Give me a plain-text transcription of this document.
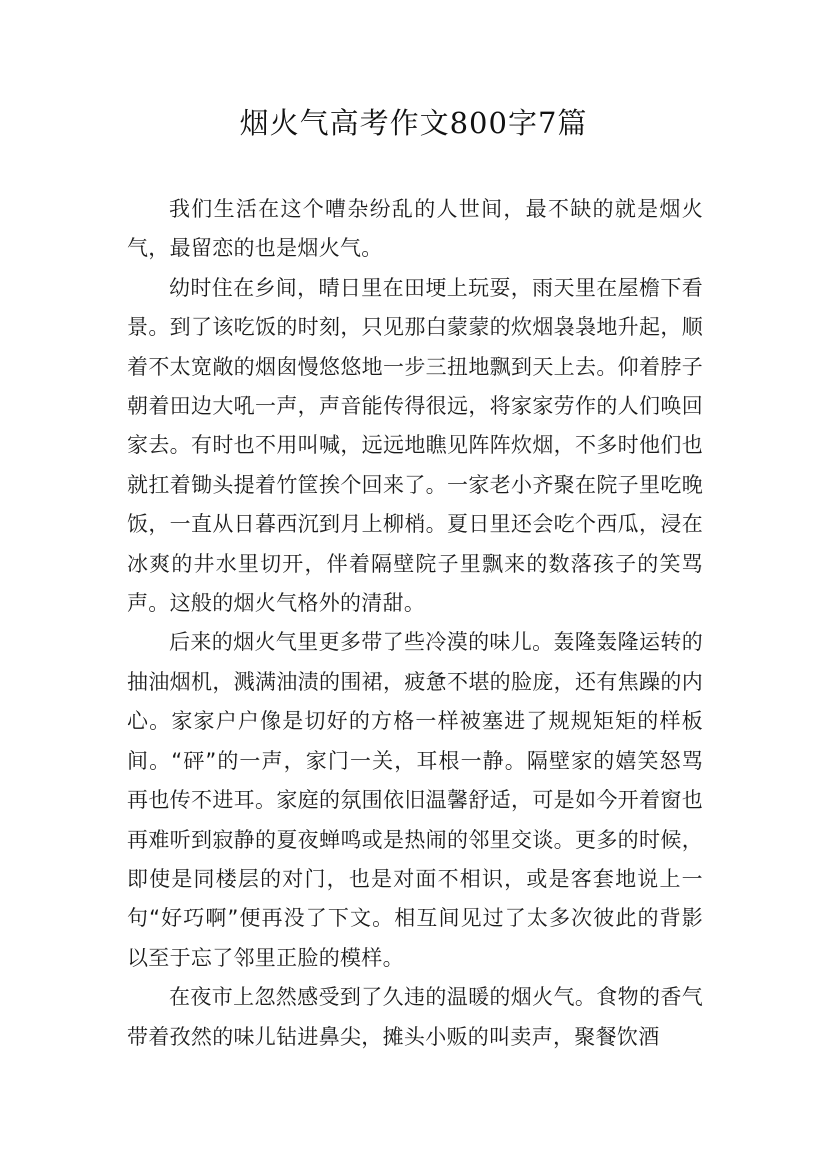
烟火气高考作文800字7篇

我们生活在这个嘈杂纷乱的人世间，最不缺的就是烟火气，最留恋的也是烟火气。

幼时住在乡间，晴日里在田埂上玩耍，雨天里在屋檐下看景。到了该吃饭的时刻，只见那白蒙蒙的炊烟袅袅地升起，顺着不太宽敞的烟囱慢悠悠地一步三扭地飘到天上去。仰着脖子朝着田边大吼一声，声音能传得很远，将家家劳作的人们唤回家去。有时也不用叫喊，远远地瞧见阵阵炊烟，不多时他们也就扛着锄头提着竹筐挨个回来了。一家老小齐聚在院子里吃晚饭，一直从日暮西沉到月上柳梢。夏日里还会吃个西瓜，浸在冰爽的井水里切开，伴着隔壁院子里飘来的数落孩子的笑骂声。这般的烟火气格外的清甜。

后来的烟火气里更多带了些冷漠的味儿。轰隆轰隆运转的抽油烟机，溅满油渍的围裙，疲惫不堪的脸庞，还有焦躁的内心。家家户户像是切好的方格一样被塞进了规规矩矩的样板间。“砰”的一声，家门一关，耳根一静。隔壁家的嬉笑怒骂再也传不进耳。家庭的氛围依旧温馨舒适，可是如今开着窗也再难听到寂静的夏夜蝉鸣或是热闹的邻里交谈。更多的时候，即使是同楼层的对门，也是对面不相识，或是客套地说上一句“好巧啊”便再没了下文。相互间见过了太多次彼此的背影以至于忘了邻里正脸的模样。

在夜市上忽然感受到了久违的温暖的烟火气。食物的香气带着孜然的味儿钻进鼻尖，摊头小贩的叫卖声，聚餐饮酒
